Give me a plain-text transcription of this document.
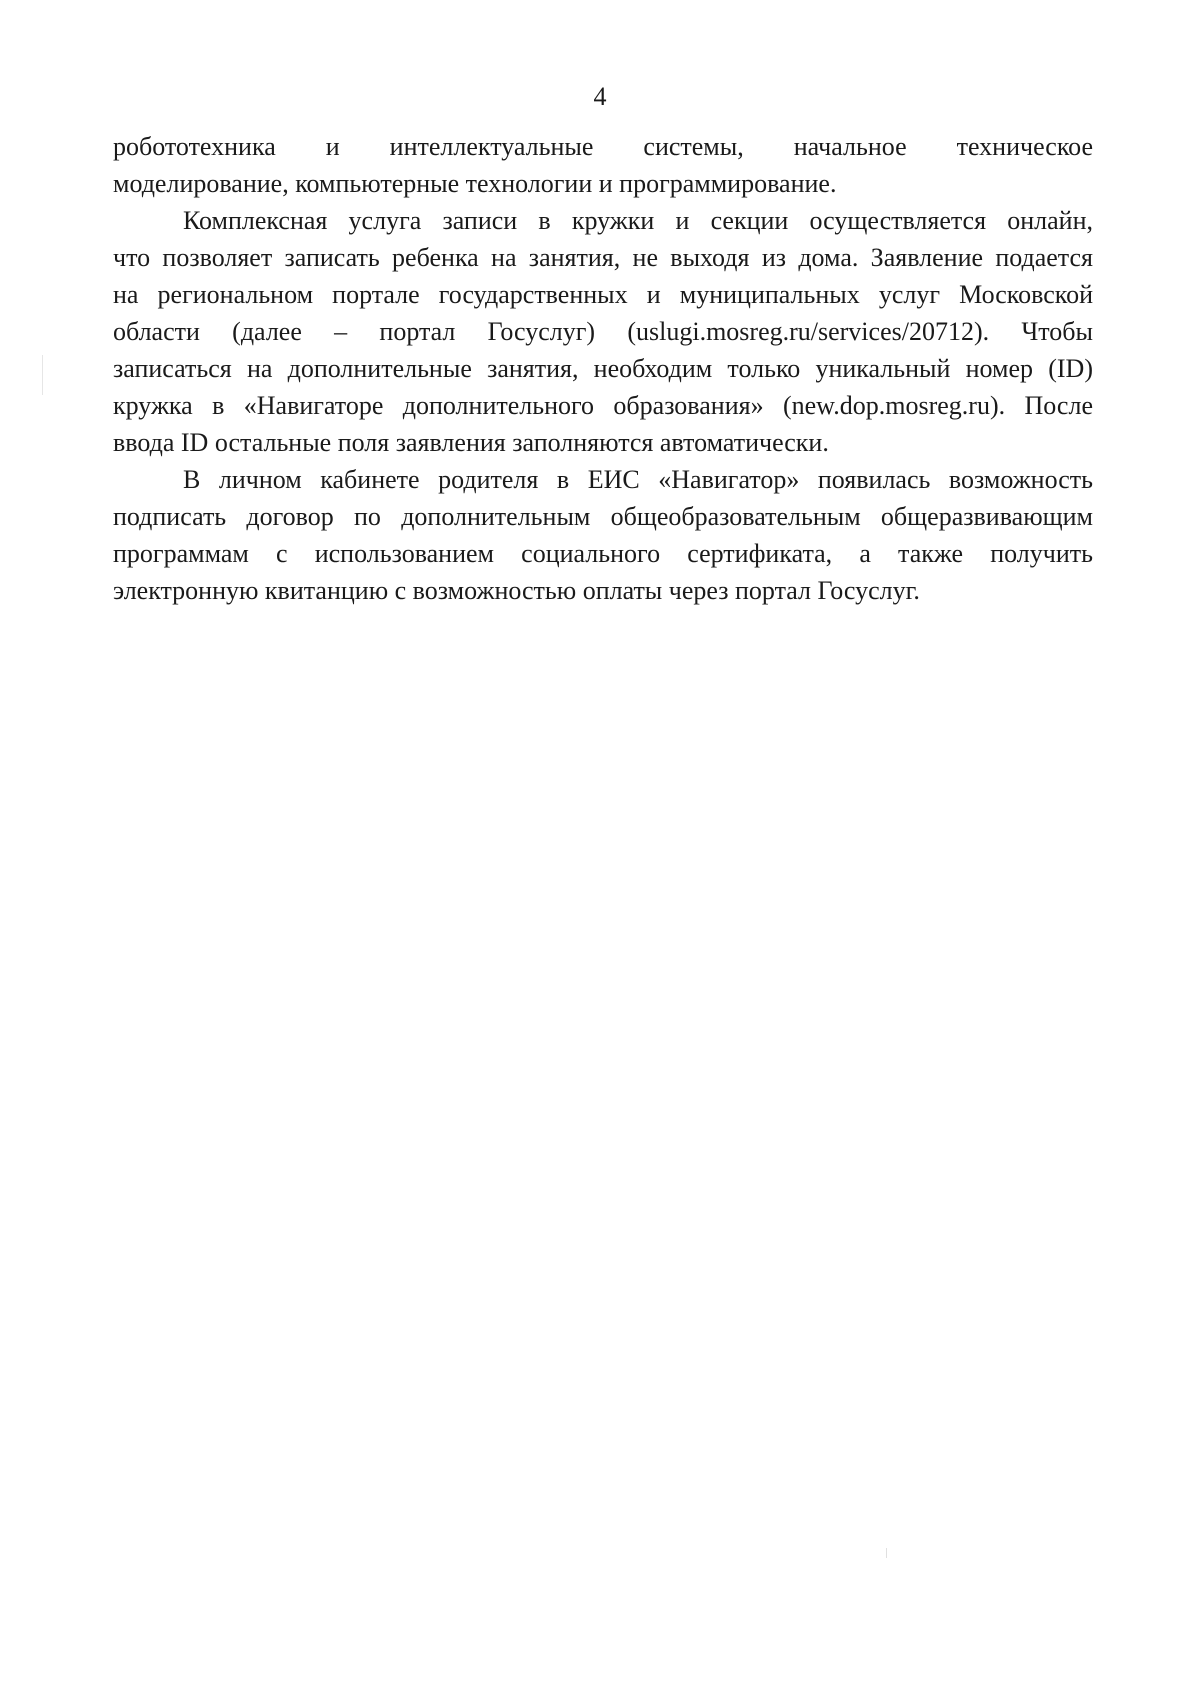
4
робототехника и интеллектуальные системы, начальное техническое
моделирование, компьютерные технологии и программирование.
Комплексная услуга записи в кружки и секции осуществляется онлайн,
что позволяет записать ребенка на занятия, не выходя из дома. Заявление подается
на региональном портале государственных и муниципальных услуг Московской
области (далее – портал Госуслуг) (uslugi.mosreg.ru/services/20712). Чтобы
записаться на дополнительные занятия, необходим только уникальный номер (ID)
кружка в «Навигаторе дополнительного образования» (new.dop.mosreg.ru). После
ввода ID остальные поля заявления заполняются автоматически.
В личном кабинете родителя в ЕИС «Навигатор» появилась возможность
подписать договор по дополнительным общеобразовательным общеразвивающим
программам с использованием социального сертификата, а также получить
электронную квитанцию с возможностью оплаты через портал Госуслуг.
